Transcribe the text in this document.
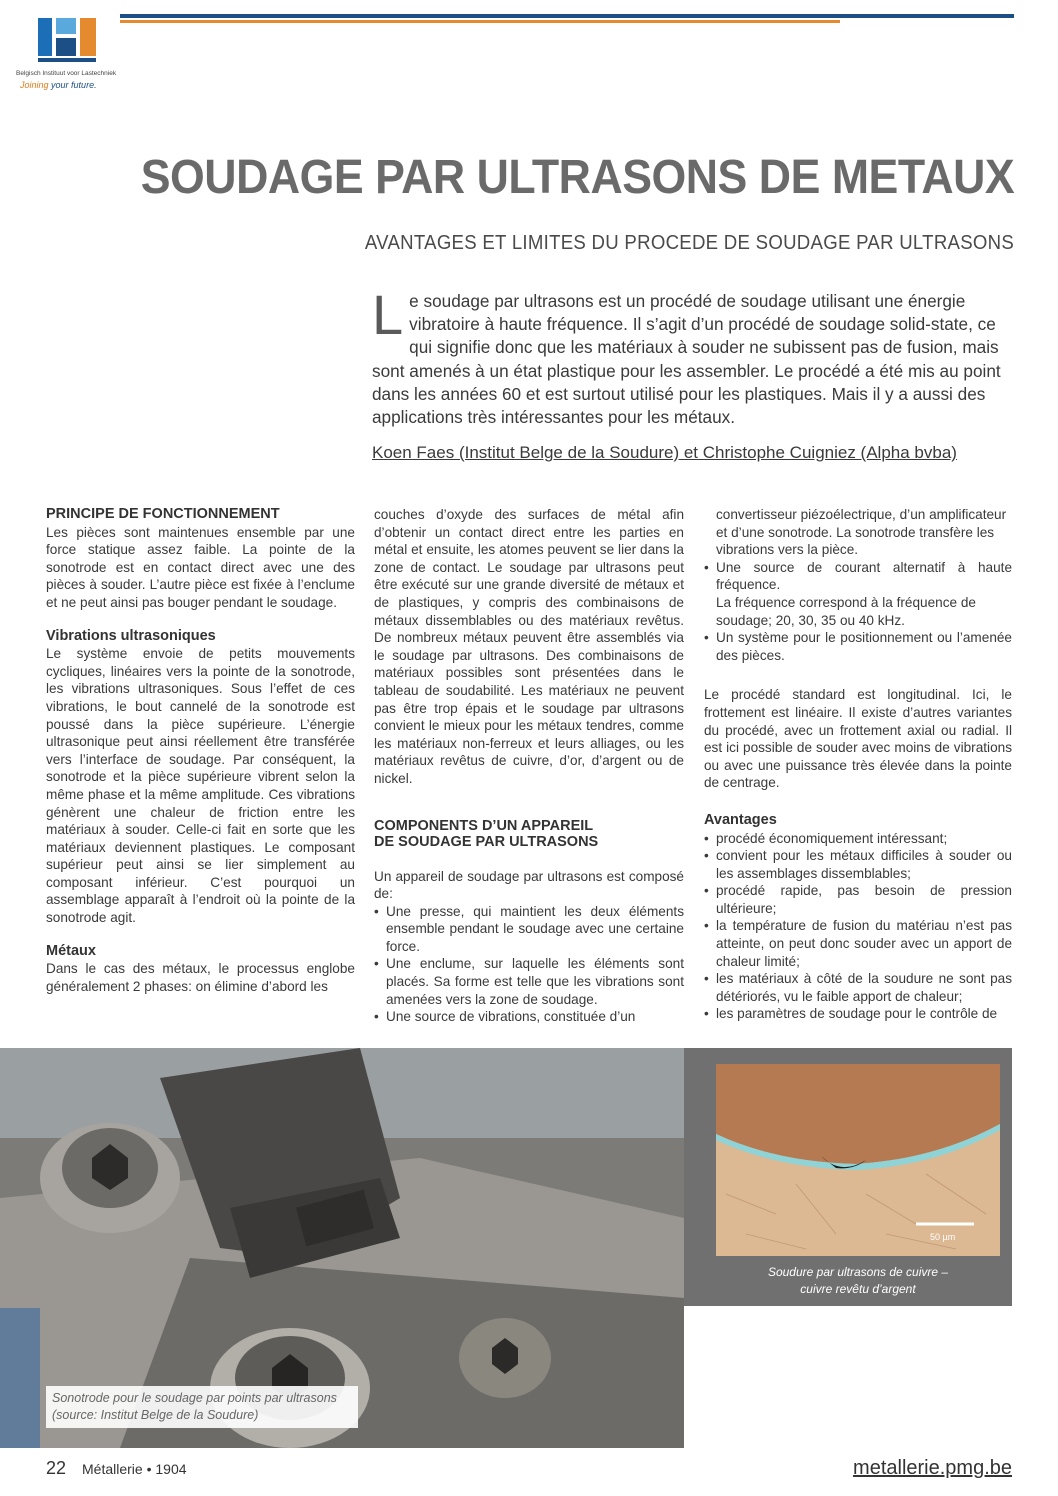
Belgisch Instituut voor Lastechniek
Joining your future.
SOUDAGE PAR ULTRASONS DE METAUX
AVANTAGES ET LIMITES DU PROCEDE DE SOUDAGE PAR ULTRASONS
L e soudage par ultrasons est un procédé de soudage utilisant une énergie vibratoire à haute fréquence. Il s’agit d’un procédé de soudage solid-state, ce qui signifie donc que les matériaux à souder ne subissent pas de fusion, mais sont amenés à un état plastique pour les assembler. Le procédé a été mis au point dans les années 60 et est surtout utilisé pour les plastiques. Mais il y a aussi des applications très intéressantes pour les métaux.
Koen Faes (Institut Belge de la Soudure) et Christophe Cuigniez (Alpha bvba)

PRINCIPE DE FONCTIONNEMENT

Les pièces sont maintenues ensemble par une force statique assez faible. La pointe de la sonotrode est en contact direct avec une des pièces à souder. L’autre pièce est fixée à l’enclume et ne peut ainsi pas bouger pendant le soudage.

Vibrations ultrasoniques

Le système envoie de petits mouvements cycliques, linéaires vers la pointe de la sonotrode, les vibrations ultrasoniques. Sous l’effet de ces vibrations, le bout cannelé de la sonotrode est poussé dans la pièce supérieure. L’énergie ultrasonique peut ainsi réellement être transférée vers l’interface de soudage. Par conséquent, la sonotrode et la pièce supérieure vibrent selon la même phase et la même amplitude. Ces vibrations génèrent une chaleur de friction entre les matériaux à souder. Celle-ci fait en sorte que les matériaux deviennent plastiques. Le composant supérieur peut ainsi se lier simplement au composant inférieur. C’est pourquoi un assemblage apparaît à l’endroit où la pointe de la sonotrode agit.

Métaux

Dans le cas des métaux, le processus englobe généralement 2 phases: on élimine d’abord les

couches d’oxyde des surfaces de métal afin d’obtenir un contact direct entre les parties en métal et ensuite, les atomes peuvent se lier dans la zone de contact. Le soudage par ultrasons peut être exécuté sur une grande diversité de métaux et de plastiques, y compris des combinaisons de métaux dissemblables ou des matériaux revêtus. De nombreux métaux peuvent être assemblés via le soudage par ultrasons. Des combinaisons de matériaux possibles sont présentées dans le tableau de soudabilité. Les matériaux ne peuvent pas être trop épais et le soudage par ultrasons convient le mieux pour les métaux tendres, comme les matériaux non-ferreux et leurs alliages, ou les matériaux revêtus de cuivre, d’or, d’argent ou de nickel.

COMPONENTS D’UN APPAREIL
DE SOUDAGE PAR ULTRASONS

Un appareil de soudage par ultrasons est composé de:

• Une presse, qui maintient les deux éléments ensemble pendant le soudage avec une certaine force.

• Une enclume, sur laquelle les éléments sont placés. Sa forme est telle que les vibrations sont amenées vers la zone de soudage.

• Une source de vibrations, constituée d’un

convertisseur piézoélectrique, d’un amplificateur et d’une sonotrode. La sonotrode transfère les vibrations vers la pièce.

• Une source de courant alternatif à haute fréquence.

La fréquence correspond à la fréquence de soudage; 20, 30, 35 ou 40 kHz.

• Un système pour le positionnement ou l’amenée des pièces.

Le procédé standard est longitudinal. Ici, le frottement est linéaire. Il existe d’autres variantes du procédé, avec un frottement axial ou radial. Il est ici possible de souder avec moins de vibrations ou avec une puissance très élevée dans la pointe de centrage.

Avantages

• procédé économiquement intéressant;

• convient pour les métaux difficiles à souder ou les assemblages dissemblables;

• procédé rapide, pas besoin de pression ultérieure;

• la température de fusion du matériau n’est pas atteinte, on peut donc souder avec un apport de chaleur limité;

• les matériaux à côté de la soudure ne sont pas détériorés, vu le faible apport de chaleur;

• les paramètres de soudage pour le contrôle de

Sonotrode pour le soudage par points par ultrasons
(source: Institut Belge de la Soudure)
50 µm
Soudure par ultrasons de cuivre –
cuivre revêtu d’argent
22 Métallerie • 1904	metallerie.pmg.be
